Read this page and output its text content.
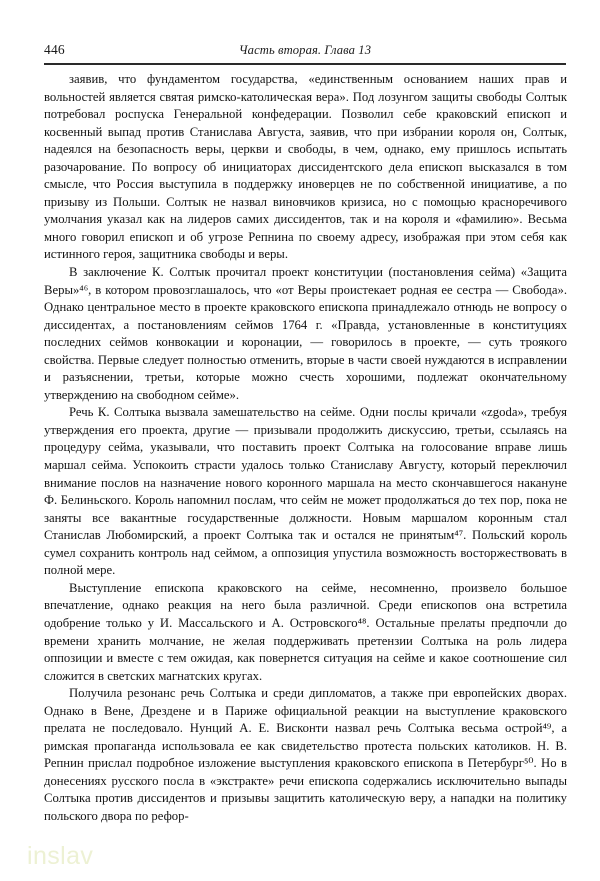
446	Часть вторая. Глава 13

заявив, что фундаментом государства, «единственным основанием наших прав и вольностей является святая римско-католическая вера». Под лозунгом защиты свободы Солтык потребовал роспуска Генеральной конфедерации. Позволил себе краковский епископ и косвенный выпад против Станислава Августа, заявив, что при избрании короля он, Солтык, надеялся на безопасность веры, церкви и свободы, в чем, однако, ему пришлось испытать разочарование. По вопросу об инициаторах диссидентского дела епископ высказался в том смысле, что Россия выступила в поддержку иноверцев не по собственной инициативе, а по призыву из Польши. Солтык не назвал виновчиков кризиса, но с помощью красноречивого умолчания указал как на лидеров самих диссидентов, так и на короля и «фамилию». Весьма много говорил епископ и об угрозе Репнина по своему адресу, изображая при этом себя как истинного героя, защитника свободы и веры.

В заключение К. Солтык прочитал проект конституции (постановления сейма) «Защита Веры»⁴⁶, в котором провозглашалось, что «от Веры проистекает родная ее сестра — Свобода». Однако центральное место в проекте краковского епископа принадлежало отнюдь не вопросу о диссидентах, а постановлениям сеймов 1764 г. «Правда, установленные в конституциях последних сеймов конвокации и коронации, — говорилось в проекте, — суть троякого свойства. Первые следует полностью отменить, вторые в части своей нуждаются в исправлении и разъяснении, третьи, которые можно счесть хорошими, подлежат окончательному утверждению на свободном сейме».

Речь К. Солтыка вызвала замешательство на сейме. Одни послы кричали «zgoda», требуя утверждения его проекта, другие — призывали продолжить дискуссию, третьи, ссылаясь на процедуру сейма, указывали, что поставить проект Солтыка на голосование вправе лишь маршал сейма. Успокоить страсти удалось только Станиславу Августу, который переключил внимание послов на назначение нового коронного маршала на место скончавшегося накануне Ф. Белиньского. Король напомнил послам, что сейм не может продолжаться до тех пор, пока не заняты все вакантные государственные должности. Новым маршалом коронным стал Станислав Любомирский, а проект Солтыка так и остался не принятым⁴⁷. Польский король сумел сохранить контроль над сеймом, а оппозиция упустила возможность восторжествовать в полной мере.

Выступление епископа краковского на сейме, несомненно, произвело большое впечатление, однако реакция на него была различной. Среди епископов она встретила одобрение только у И. Массальского и А. Островского⁴⁸. Остальные прелаты предпочли до времени хранить молчание, не желая поддерживать претензии Солтыка на роль лидера оппозиции и вместе с тем ожидая, как повернется ситуация на сейме и какое соотношение сил сложится в светских магнатских кругах.

Получила резонанс речь Солтыка и среди дипломатов, а также при европейских дворах. Однако в Вене, Дрездене и в Париже официальной реакции на выступление краковского прелата не последовало. Нунций А. Е. Висконти назвал речь Солтыка весьма острой⁴⁹, а римская пропаганда использовала ее как свидетельство протеста польских католиков. Н. В. Репнин прислал подробное изложение выступления краковского епископа в Петербург⁵⁰. Но в донесениях русского посла в «экстракте» речи епископа содержались исключительно выпады Солтыка против диссидентов и призывы защитить католическую веру, а нападки на политику польского двора по рефор-

inslav
